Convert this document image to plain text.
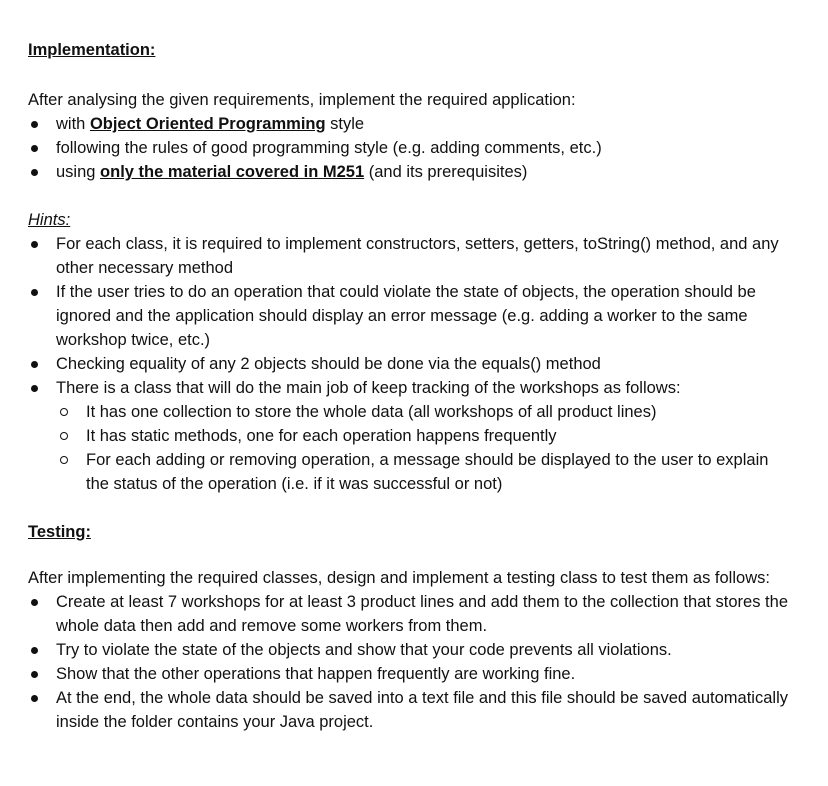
Implementation:

After analysing the given requirements, implement the required application:

with Object Oriented Programming style
following the rules of good programming style (e.g. adding comments, etc.)
using only the material covered in M251 (and its prerequisites)

Hints:

For each class, it is required to implement constructors, setters, getters, toString() method, and any other necessary method
If the user tries to do an operation that could violate the state of objects, the operation should be ignored and the application should display an error message (e.g. adding a worker to the same workshop twice, etc.)
Checking equality of any 2 objects should be done via the equals() method
There is a class that will do the main job of keep tracking of the workshops as follows:
It has one collection to store the whole data (all workshops of all product lines)
It has static methods, one for each operation happens frequently
For each adding or removing operation, a message should be displayed to the user to explain the status of the operation (i.e. if it was successful or not)

Testing:

After implementing the required classes, design and implement a testing class to test them as follows:

Create at least 7 workshops for at least 3 product lines and add them to the collection that stores the whole data then add and remove some workers from them.
Try to violate the state of the objects and show that your code prevents all violations.
Show that the other operations that happen frequently are working fine.
At the end, the whole data should be saved into a text file and this file should be saved automatically inside the folder contains your Java project.
